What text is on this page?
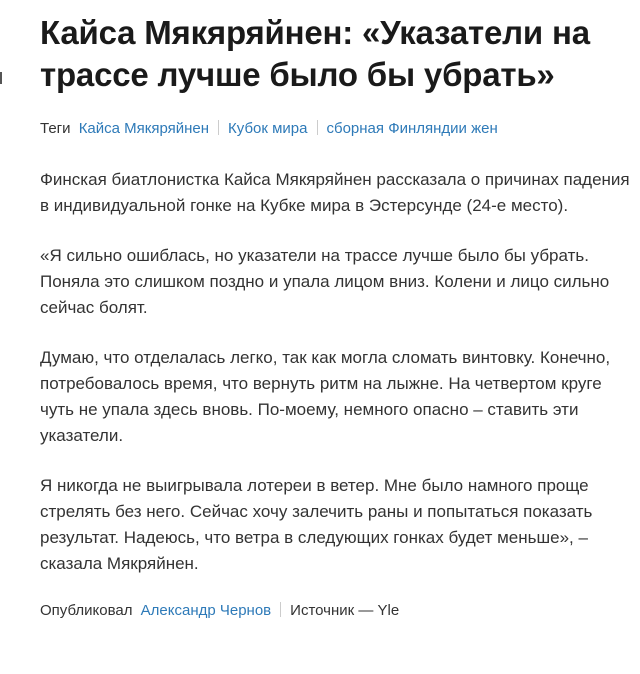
Кайса Мякяряйнен: «Указатели на трассе лучше было бы убрать»
Теги Кайса Мякяряйнен Кубок мира сборная Финляндии жен

Финская биатлонистка Кайса Мякяряйнен рассказала о причинах падения в индивидуальной гонке на Кубке мира в Эстерсунде (24-е место).

«Я сильно ошиблась, но указатели на трассе лучше было бы убрать. Поняла это слишком поздно и упала лицом вниз. Колени и лицо сильно сейчас болят.

Думаю, что отделалась легко, так как могла сломать винтовку. Конечно, потребовалось время, что вернуть ритм на лыжне. На четвертом круге чуть не упала здесь вновь. По-моему, немного опасно – ставить эти указатели.

Я никогда не выигрывала лотереи в ветер. Мне было намного проще стрелять без него. Сейчас хочу залечить раны и попытаться показать результат. Надеюсь, что ветра в следующих гонках будет меньше», – сказала Мякряйнен.

Опубликовал Александр Чернов Источник — Yle
